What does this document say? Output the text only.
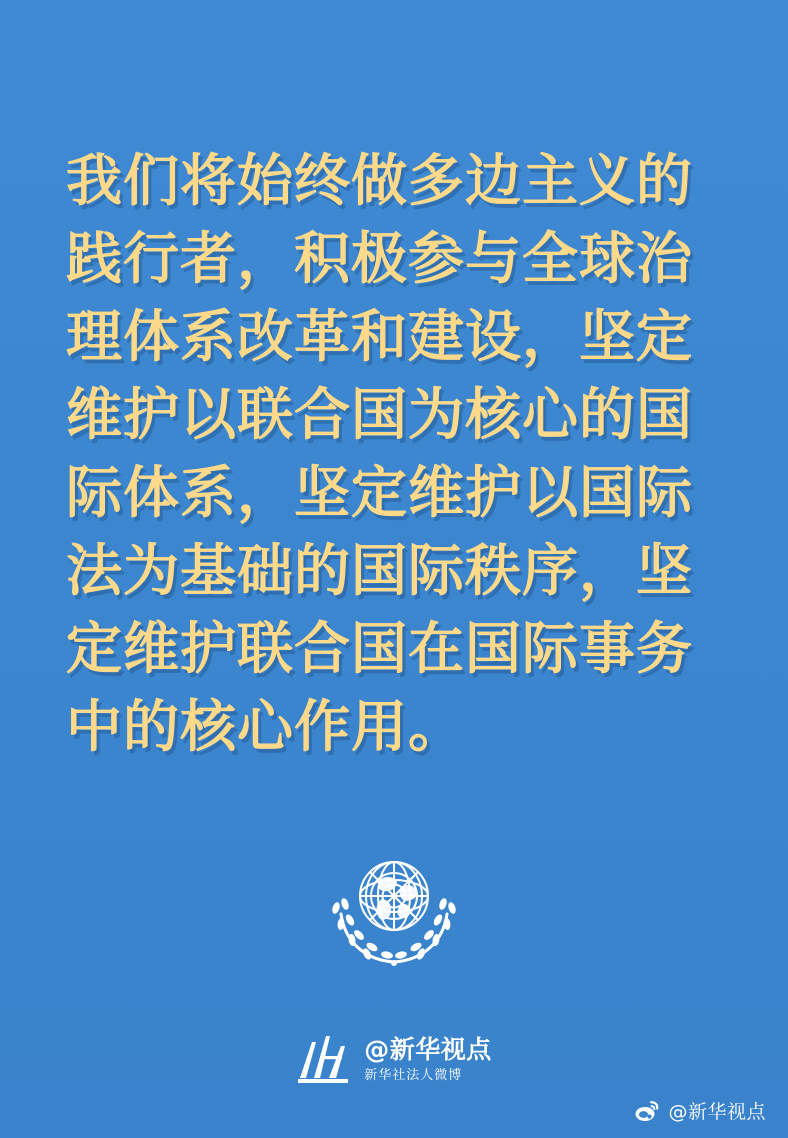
我们将始终做多边主义的
践行者，积极参与全球治
理体系改革和建设，坚定
维护以联合国为核心的国
际体系，坚定维护以国际
法为基础的国际秩序，坚
定维护联合国在国际事务
中的核心作用。
@新华视点
新华社法人微博
@新华视点
